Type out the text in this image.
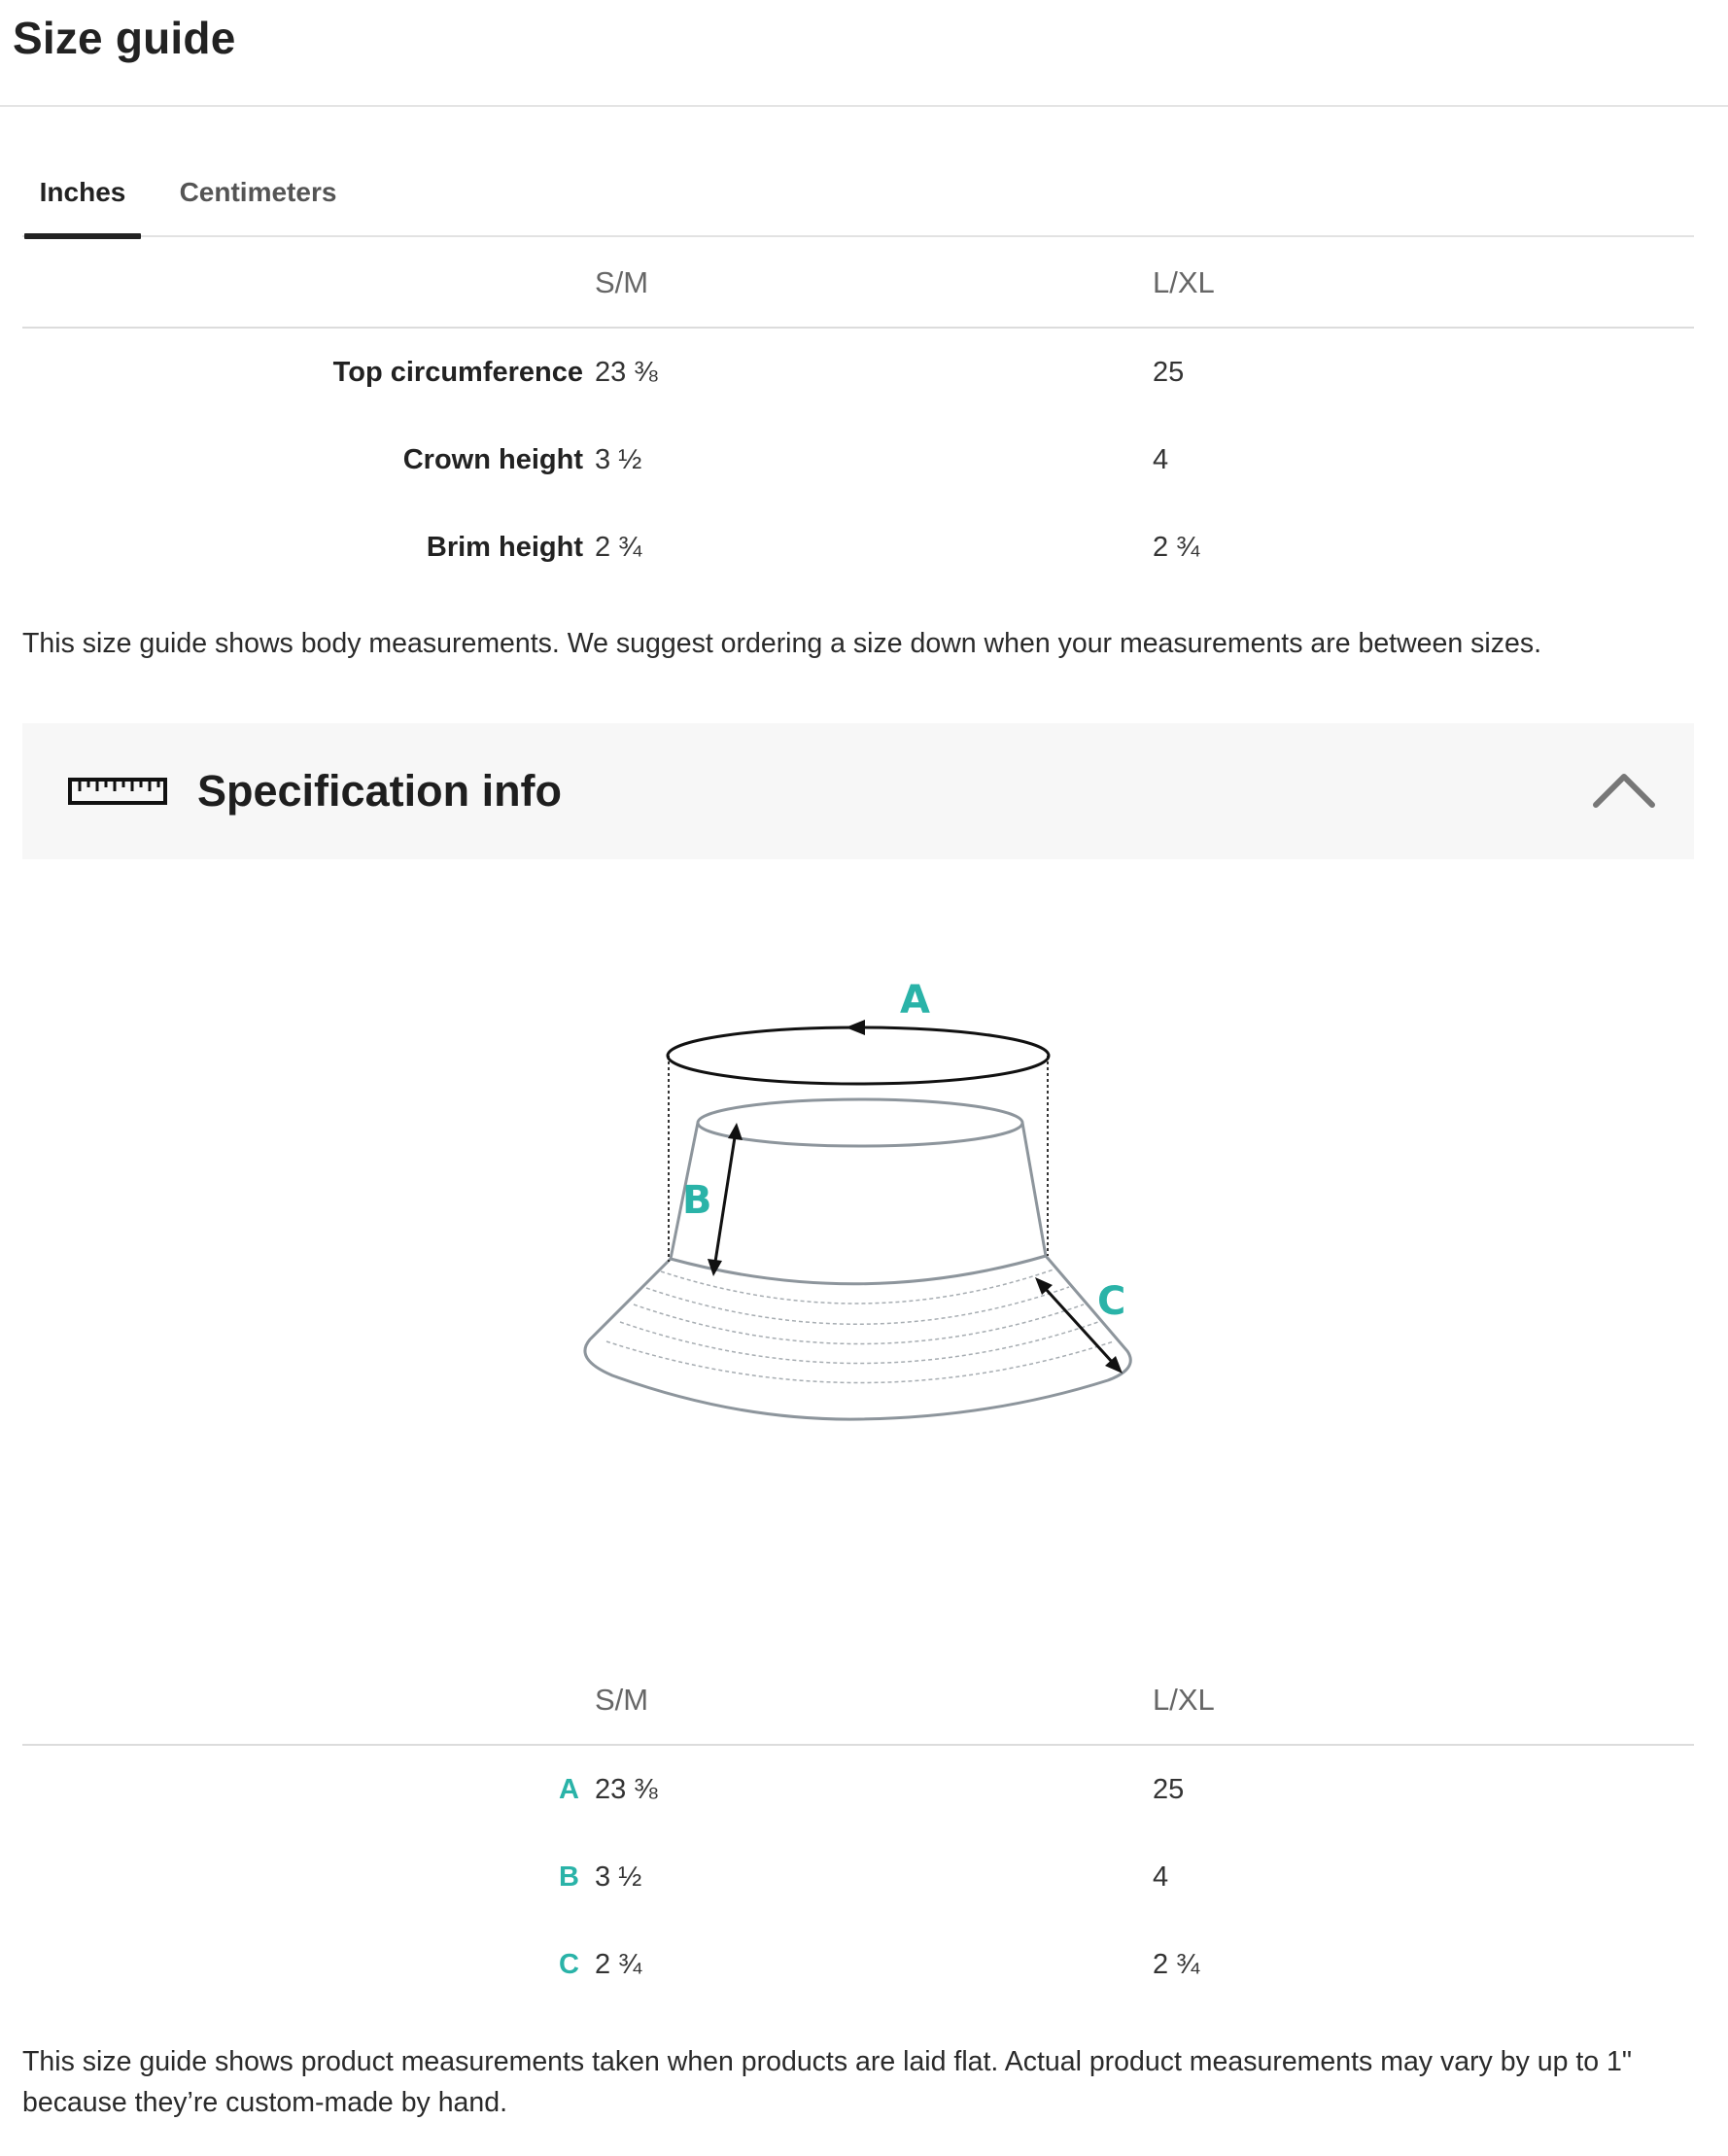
Size guide
Inches	Centimeters
S/M	L/XL
Top circumference 23 ⅜	25
Crown height 3 ½	4
Brim height 2 ¾	2 ¾
This size guide shows body measurements. We suggest ordering a size down when your measurements are between sizes.
Specification info
A
B
C
S/M	L/XL
A 23 ⅜	25
B 3 ½	4
C 2 ¾	2 ¾
This size guide shows product measurements taken when products are laid flat. Actual product measurements may vary by up to 1" because they’re custom-made by hand.
